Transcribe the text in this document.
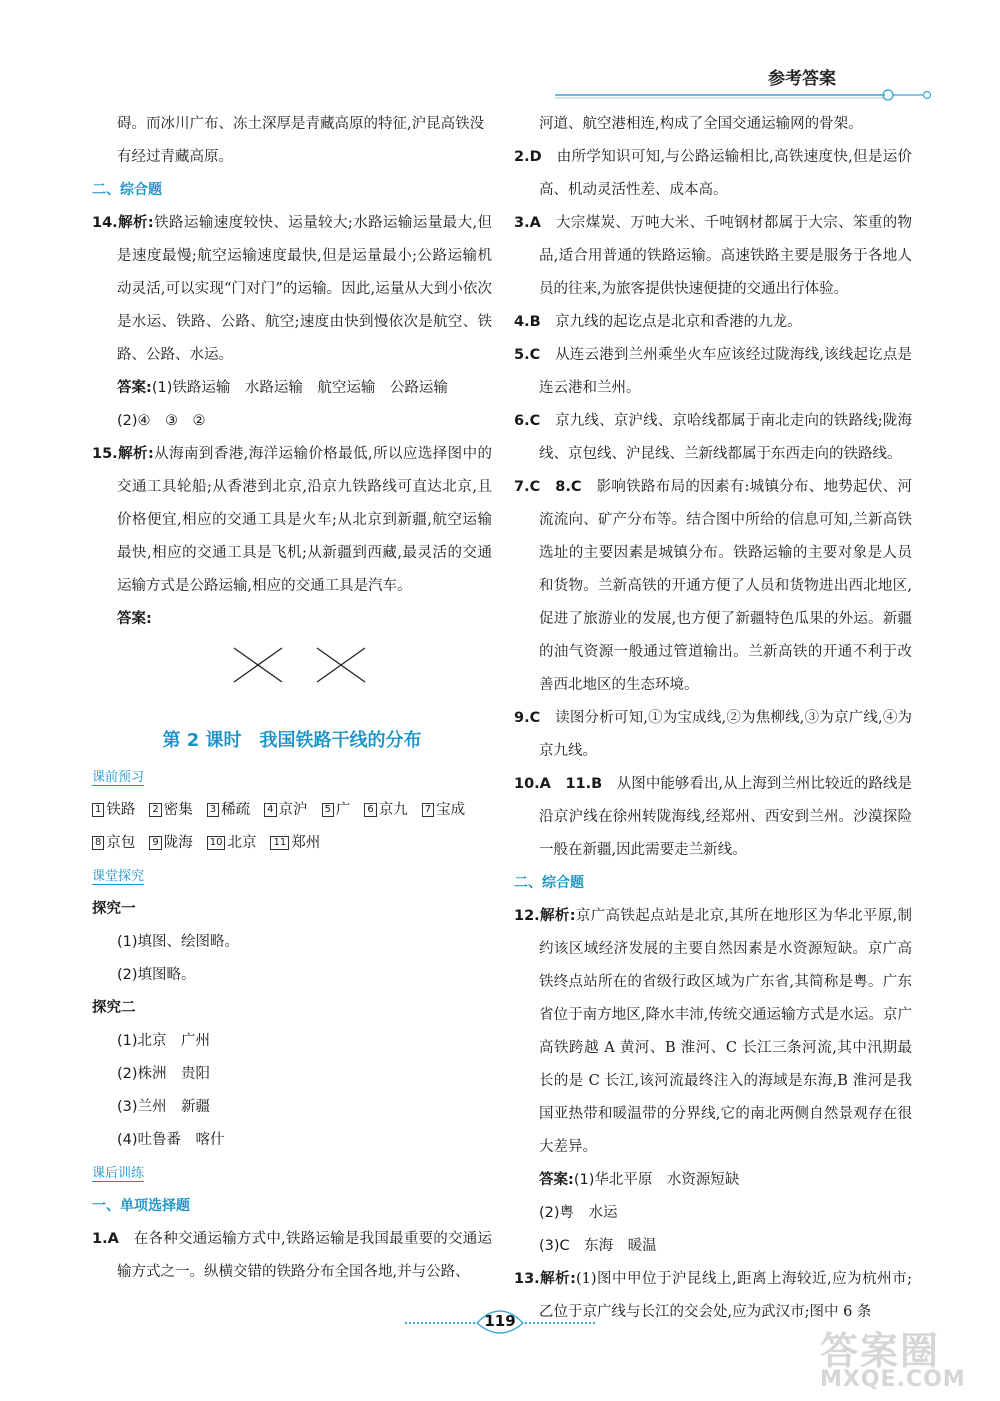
参考答案

碍。而冰川广布、冻土深厚是青藏高原的特征,沪昆高铁没

有经过青藏高原。

二、综合题

14.解析:铁路运输速度较快、运量较大;水路运输运量最大,但是速度最慢;航空运输速度最快,但是运量最小;公路运输机动灵活,可以实现“门对门”的运输。因此,运量从大到小依次是水运、铁路、公路、航空;速度由快到慢依次是航空、铁路、公路、水运。

答案:(1)铁路运输　水路运输　航空运输　公路运输

(2)④　③　②

15.解析:从海南到香港,海洋运输价格最低,所以应选择图中的交通工具轮船;从香港到北京,沿京九铁路线可直达北京,且价格便宜,相应的交通工具是火车;从北京到新疆,航空运输最快,相应的交通工具是飞机;从新疆到西藏,最灵活的交通运输方式是公路运输,相应的交通工具是汽车。

答案:

第 2 课时　我国铁路干线的分布

课前预习

1 铁路 2 密集 3 稀疏 4 京沪 5 广 6 京九 7 宝成

8 京包 9 陇海 10 北京 11 郑州

课堂探究

探究一

(1)填图、绘图略。

(2)填图略。

探究二

(1)北京　广州

(2)株洲　贵阳

(3)兰州　新疆

(4)吐鲁番　喀什

课后训练

一、单项选择题

1.A　 在各种交通运输方式中,铁路运输是我国最重要的交通运输方式之一。纵横交错的铁路分布全国各地,并与公路、

河道、航空港相连,构成了全国交通运输网的骨架。

2.D　 由所学知识可知,与公路运输相比,高铁速度快,但是运价高、机动灵活性差、成本高。

3.A　 大宗煤炭、万吨大米、千吨钢材都属于大宗、笨重的物品,适合用普通的铁路运输。高速铁路主要是服务于各地人员的往来,为旅客提供快速便捷的交通出行体验。

4.B　 京九线的起讫点是北京和香港的九龙。

5.C　 从连云港到兰州乘坐火车应该经过陇海线,该线起讫点是连云港和兰州。

6.C　 京九线、京沪线、京哈线都属于南北走向的铁路线;陇海线、京包线、沪昆线、兰新线都属于东西走向的铁路线。

7.C　8.C　 影响铁路布局的因素有:城镇分布、地势起伏、河流流向、矿产分布等。结合图中所给的信息可知,兰新高铁选址的主要因素是城镇分布。铁路运输的主要对象是人员和货物。兰新高铁的开通方便了人员和货物进出西北地区,促进了旅游业的发展,也方便了新疆特色瓜果的外运。新疆的油气资源一般通过管道输出。兰新高铁的开通不利于改善西北地区的生态环境。

9.C　 读图分析可知,①为宝成线,②为焦柳线,③为京广线,④为京九线。

10.A　11.B　 从图中能够看出,从上海到兰州比较近的路线是沿京沪线在徐州转陇海线,经郑州、西安到兰州。沙漠探险一般在新疆,因此需要走兰新线。

二、综合题

12.解析:京广高铁起点站是北京,其所在地形区为华北平原,制约该区域经济发展的主要自然因素是水资源短缺。京广高铁终点站所在的省级行政区域为广东省,其简称是粤。广东省位于南方地区,降水丰沛,传统交通运输方式是水运。京广高铁跨越 A 黄河、B 淮河、C 长江三条河流,其中汛期最长的是 C 长江,该河流最终注入的海域是东海,B 淮河是我国亚热带和暖温带的分界线,它的南北两侧自然景观存在很大差异。

答案:(1)华北平原　水资源短缺

(2)粤　水运

(3)C　东海　暖温

13.解析:(1)图中甲位于沪昆线上,距离上海较近,应为杭州市;乙位于京广线与长江的交会处,应为武汉市;图中 6 条

119
答案圈
MXQE.COM
